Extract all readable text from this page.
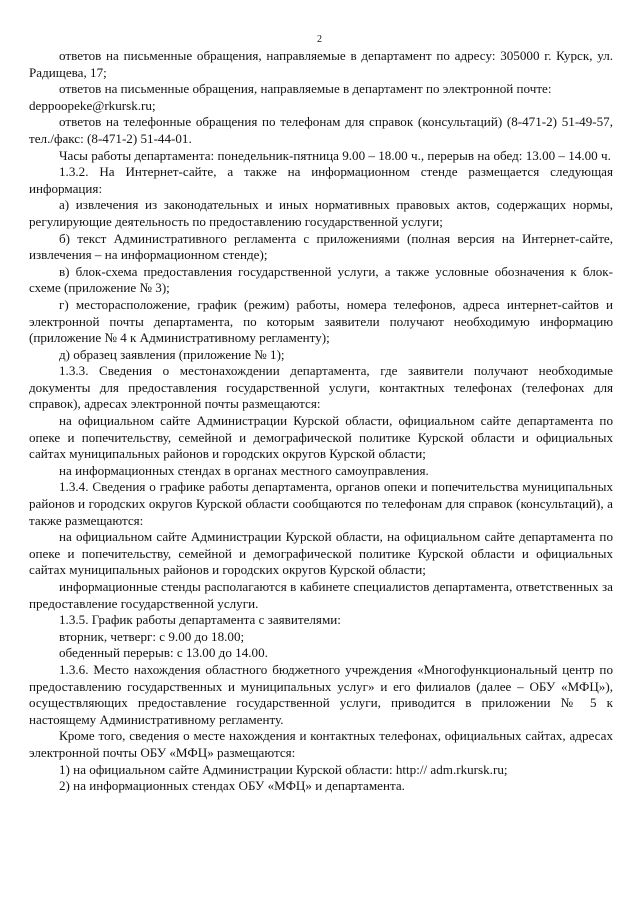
2

ответов на письменные обращения, направляемые в департамент по адресу: 305000 г. Курск, ул. Радищева, 17;

ответов на письменные обращения, направляемые в департамент по электронной почте:

deppoopeke@rkursk.ru;

ответов на телефонные обращения по телефонам для справок (консультаций) (8-471-2) 51-49-57, тел./факс: (8-471-2) 51-44-01.

Часы работы департамента: понедельник-пятница 9.00 – 18.00 ч., перерыв на обед: 13.00 – 14.00 ч.

1.3.2. На Интернет-сайте, а также на информационном стенде размещается следующая информация:

а) извлечения из законодательных и иных нормативных правовых актов, содержащих нормы, регулирующие деятельность по предоставлению государственной услуги;

б) текст Административного регламента с приложениями (полная версия на Интернет-сайте, извлечения – на информационном стенде);

в) блок-схема предоставления государственной услуги, а также условные обозначения к блок-схеме (приложение № 3);

г) месторасположение, график (режим) работы, номера телефонов, адреса интернет-сайтов и электронной почты департамента, по которым заявители получают необходимую информацию (приложение № 4 к Административному регламенту);

д) образец заявления (приложение № 1);

1.3.3. Сведения о местонахождении департамента, где заявители получают необходимые документы для предоставления государственной услуги, контактных телефонах (телефонах для справок), адресах электронной почты размещаются:

на официальном сайте Администрации Курской области, официальном сайте департамента по опеке и попечительству, семейной и демографической политике Курской области и официальных сайтах муниципальных районов и городских округов Курской области;

на информационных стендах в органах местного самоуправления.

1.3.4. Сведения о графике работы департамента, органов опеки и попечительства муниципальных районов и городских округов Курской области сообщаются по телефонам для справок (консультаций), а также размещаются:

на официальном сайте Администрации Курской области, на официальном сайте департамента по опеке и попечительству, семейной и демографической политике Курской области и официальных сайтах муниципальных районов и городских округов Курской области;

информационные стенды располагаются в кабинете специалистов департамента, ответственных за предоставление государственной услуги.

1.3.5. График работы департамента с заявителями:

вторник, четверг: с 9.00 до 18.00;

обеденный перерыв: с 13.00 до 14.00.

1.3.6. Место нахождения областного бюджетного учреждения «Многофункциональный центр по предоставлению государственных и муниципальных услуг» и его филиалов (далее – ОБУ «МФЦ»), осуществляющих предоставление государственной услуги, приводится в приложении № 5 к настоящему Административному регламенту.

Кроме того, сведения о месте нахождения и контактных телефонах, официальных сайтах, адресах электронной почты ОБУ «МФЦ» размещаются:

1) на официальном сайте Администрации Курской области: http:// adm.rkursk.ru;

2) на информационных стендах ОБУ «МФЦ» и департамента.
